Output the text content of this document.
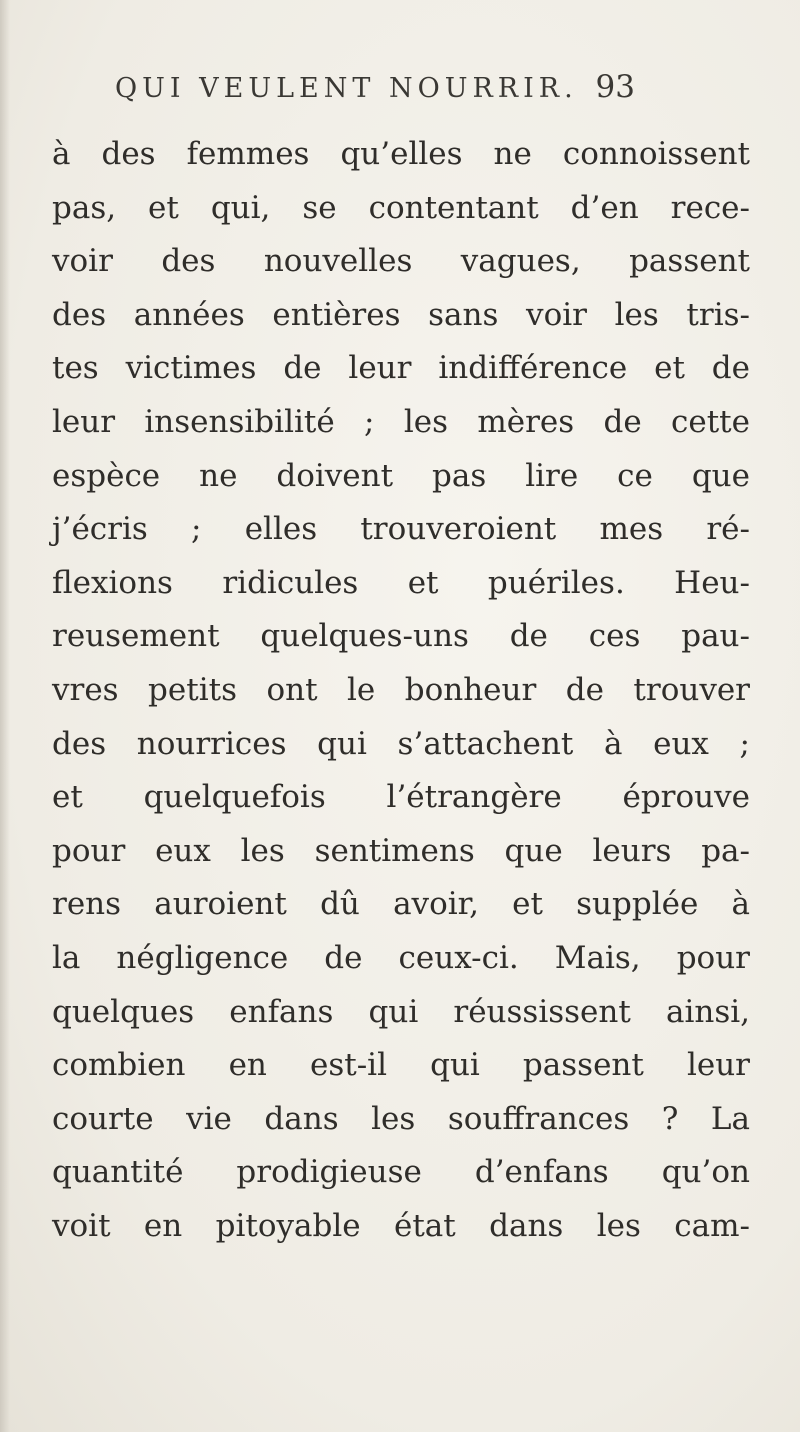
QUI VEULENT NOURRIR. 93
à des femmes qu’elles ne connoissent
pas, et qui, se contentant d’en rece-
voir des nouvelles vagues, passent
des années entières sans voir les tris-
tes victimes de leur indifférence et de
leur insensibilité ; les mères de cette
espèce ne doivent pas lire ce que
j’écris ; elles trouveroient mes ré-
flexions ridicules et puériles. Heu-
reusement quelques-uns de ces pau-
vres petits ont le bonheur de trouver
des nourrices qui s’attachent à eux ;
et quelquefois l’étrangère éprouve
pour eux les sentimens que leurs pa-
rens auroient dû avoir, et supplée à
la négligence de ceux-ci. Mais, pour
quelques enfans qui réussissent ainsi,
combien en est-il qui passent leur
courte vie dans les souffrances ? La
quantité prodigieuse d’enfans qu’on
voit en pitoyable état dans les cam-
